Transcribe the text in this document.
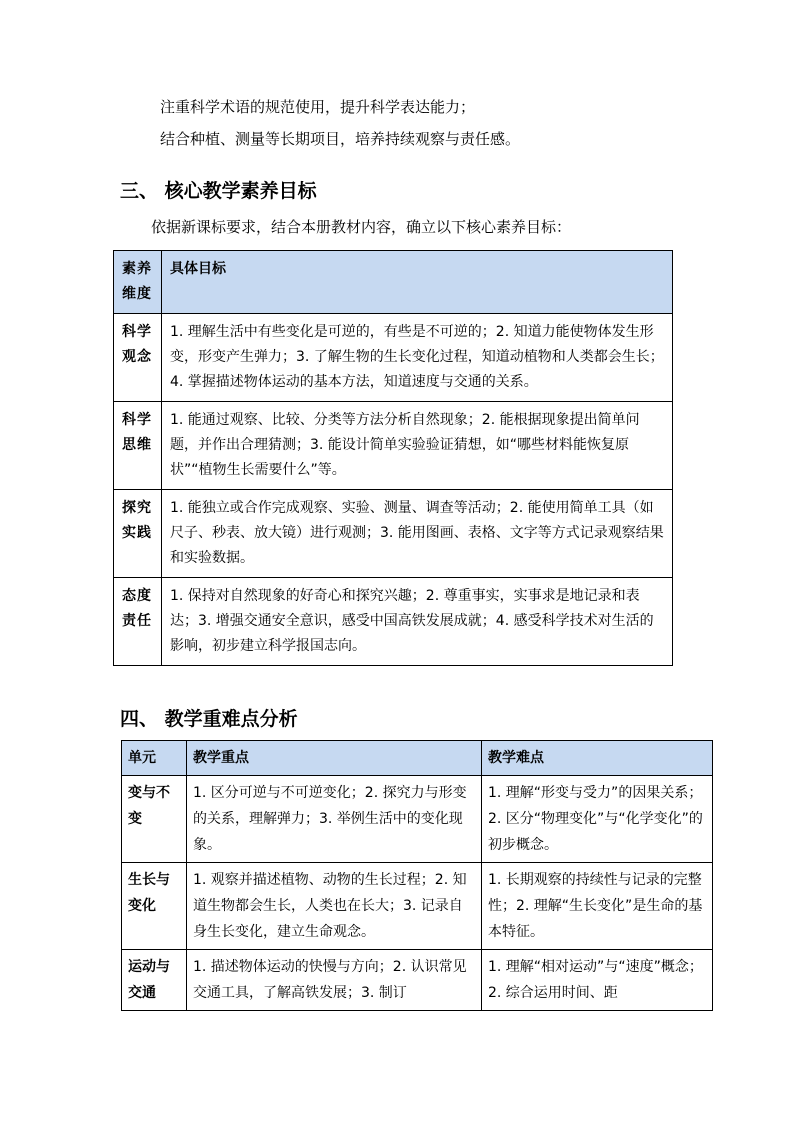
注重科学术语的规范使用，提升科学表达能力；
结合种植、测量等长期项目，培养持续观察与责任感。
三、 核心教学素养目标
依据新课标要求，结合本册教材内容，确立以下核心素养目标：
素养维度	具体目标
科学观念	1. 理解生活中有些变化是可逆的，有些是不可逆的；2. 知道力能使物体发生形变，形变产生弹力；3. 了解生物的生长变化过程，知道动植物和人类都会生长；4. 掌握描述物体运动的基本方法，知道速度与交通的关系。
科学思维	1. 能通过观察、比较、分类等方法分析自然现象；2. 能根据现象提出简单问题，并作出合理猜测；3. 能设计简单实验验证猜想，如“哪些材料能恢复原状”“植物生长需要什么”等。
探究实践	1. 能独立或合作完成观察、实验、测量、调查等活动；2. 能使用简单工具（如尺子、秒表、放大镜）进行观测；3. 能用图画、表格、文字等方式记录观察结果和实验数据。
态度责任	1. 保持对自然现象的好奇心和探究兴趣；2. 尊重事实，实事求是地记录和表达；3. 增强交通安全意识，感受中国高铁发展成就；4. 感受科学技术对生活的影响，初步建立科学报国志向。
四、 教学重难点分析
单元	教学重点	教学难点
变与不变	1. 区分可逆与不可逆变化；2. 探究力与形变的关系，理解弹力；3. 举例生活中的变化现象。	1. 理解“形变与受力”的因果关系；2. 区分“物理变化”与“化学变化”的初步概念。
生长与变化	1. 观察并描述植物、动物的生长过程；2. 知道生物都会生长，人类也在长大；3. 记录自身生长变化，建立生命观念。	1. 长期观察的持续性与记录的完整性；2. 理解“生长变化”是生命的基本特征。
运动与交通	1. 描述物体运动的快慢与方向；2. 认识常见交通工具，了解高铁发展；3. 制订	1. 理解“相对运动”与“速度”概念；2. 综合运用时间、距
